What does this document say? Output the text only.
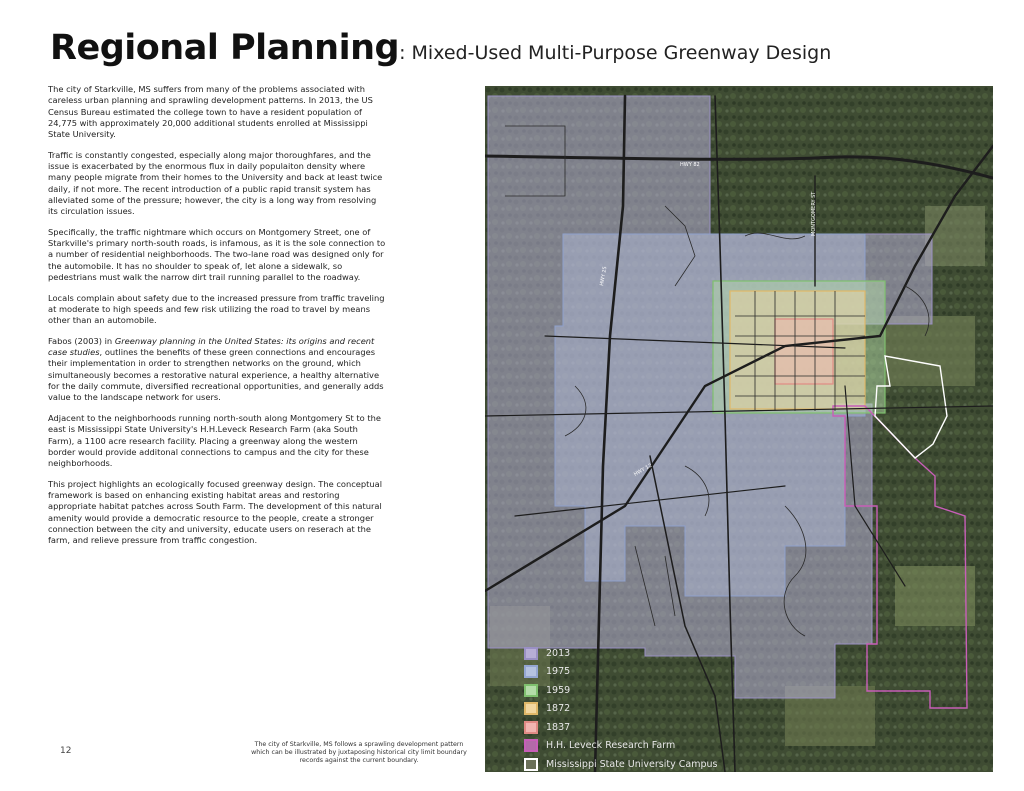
Regional Planning: Mixed-Used Multi-Purpose Greenway Design

The city of Starkville, MS suffers from many of the problems associated with careless urban planning and sprawling development patterns. In 2013, the US Census Bureau estimated the college town to have a resident population of 24,775 with approximately 20,000 additional students enrolled at Mississippi State University.

Traffic is constantly congested, especially along major thoroughfares, and the issue is exacerbated by the enormous flux in daily populaiton density where many people migrate from their homes to the University and back at least twice daily, if not more. The recent introduction of a public rapid transit system has alleviated some of the pressure; however, the city is a long way from resolving its circulation issues.

Specifically, the traffic nightmare which occurs on Montgomery Street, one of Starkville's primary north-south roads, is infamous, as it is the sole connection to a number of residential neighborhoods. The two-lane road was designed only for the automobile. It has no shoulder to speak of, let alone a sidewalk, so pedestrians must walk the narrow dirt trail running parallel to the roadway.

Locals complain about safety due to the increased pressure from traffic traveling at moderate to high speeds and few risk utilizing the road to travel by means other than an automobile.

Fabos (2003) in Greenway planning in the United States: its origins and recent case studies, outlines the benefits of these green connections and encourages their implementation in order to strengthen networks on the ground, which simultaneously becomes a restorative natural experience, a healthy alternative for the daily commute, diversified recreational opportunities, and generally adds value to the landscape network for users.

Adjacent to the neighborhoods running north-south along Montgomery St to the east is Mississippi State University's H.H.Leveck Research Farm (aka South Farm), a 1100 acre research facility. Placing a greenway along the western border would provide additonal connections to campus and the city for these neighborhoods.

This project highlights an ecologically focused greenway design. The conceptual framework is based on enhancing existing habitat areas and restoring appropriate habitat patches across South Farm. The development of this natural amenity would provide a democratic resource to the people, create a stronger connection between the city and university, educate users on reserach at the farm, and relieve pressure from traffic congestion.

12
The city of Starkville, MS follows a sprawling development pattern which can be illustrated by juxtaposing historical city limit boundary records against the current boundary.
HWY 82
HWY 25
MONTGOMERY ST
HWY 12
2013
1975
1959
1872
1837
H.H. Leveck Research Farm
Mississippi State University Campus
